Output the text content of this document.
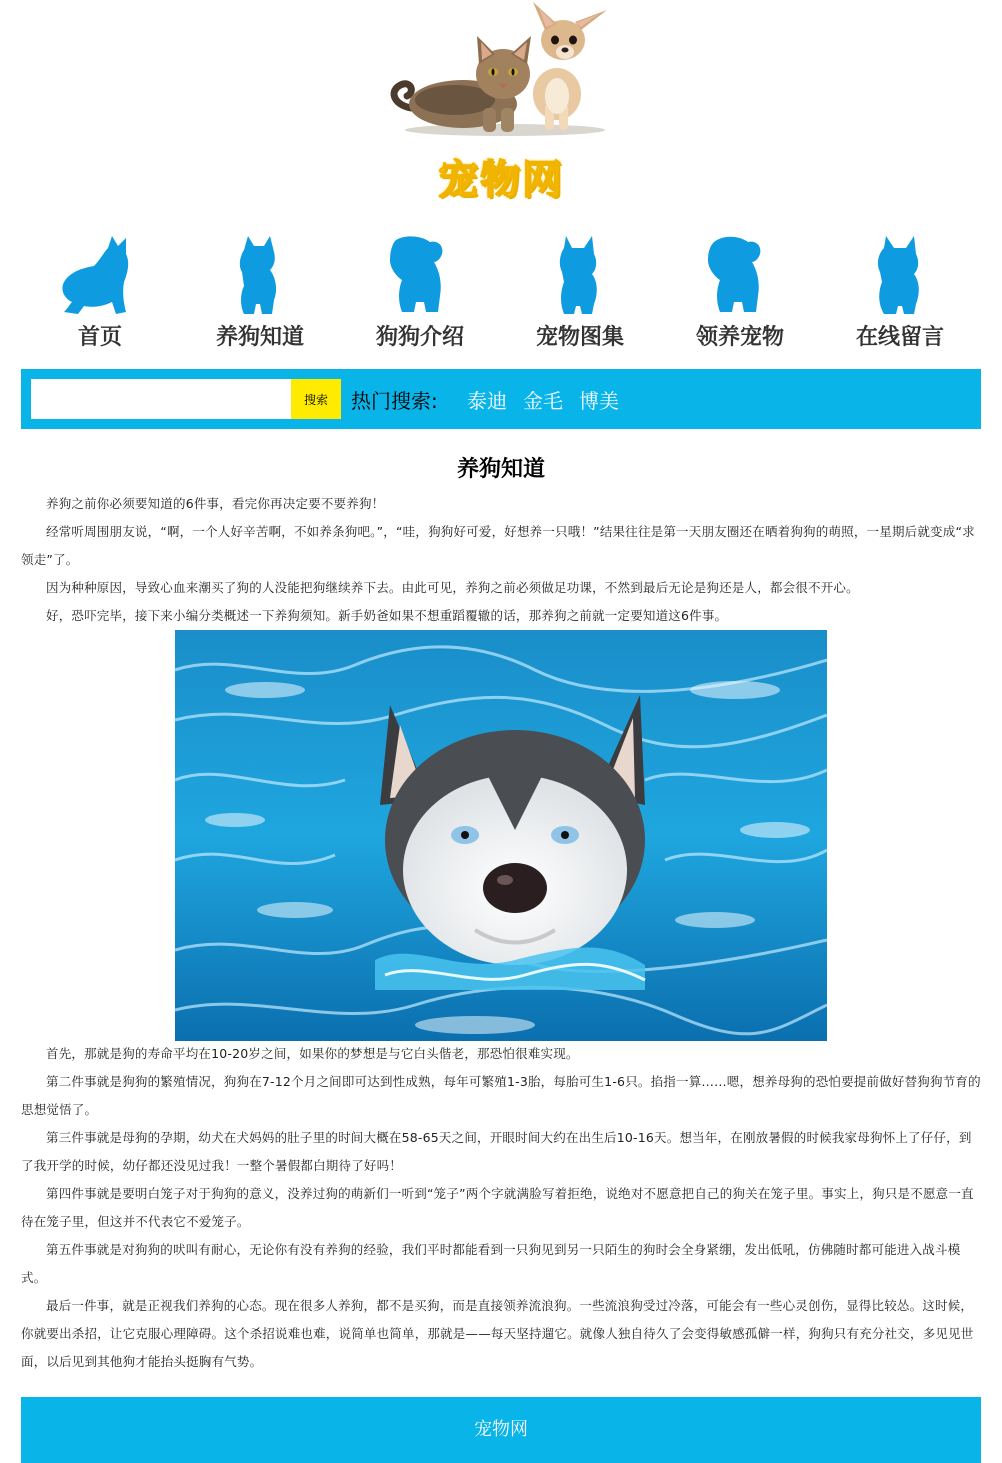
宠物网
首页	养狗知道	狗狗介绍	宠物图集	领养宠物	在线留言
搜索	热门搜索: 泰迪 金毛 博美
养狗知道

养狗之前你必须要知道的6件事，看完你再决定要不要养狗！

经常听周围朋友说，“啊，一个人好辛苦啊，不如养条狗吧。”，“哇，狗狗好可爱，好想养一只哦！”结果往往是第一天朋友圈还在晒着狗狗的萌照，一星期后就变成“求领走”了。

因为种种原因，导致心血来潮买了狗的人没能把狗继续养下去。由此可见，养狗之前必须做足功课，不然到最后无论是狗还是人，都会很不开心。

好，恐吓完毕，接下来小编分类概述一下养狗须知。新手奶爸如果不想重蹈覆辙的话，那养狗之前就一定要知道这6件事。

首先，那就是狗的寿命平均在10-20岁之间，如果你的梦想是与它白头偕老，那恐怕很难实现。

第二件事就是狗狗的繁殖情况，狗狗在7-12个月之间即可达到性成熟，每年可繁殖1-3胎，每胎可生1-6只。掐指一算……嗯，想养母狗的恐怕要提前做好替狗狗节育的思想觉悟了。

第三件事就是母狗的孕期，幼犬在犬妈妈的肚子里的时间大概在58-65天之间，开眼时间大约在出生后10-16天。想当年，在刚放暑假的时候我家母狗怀上了仔仔，到了我开学的时候，幼仔都还没见过我！一整个暑假都白期待了好吗！

第四件事就是要明白笼子对于狗狗的意义，没养过狗的萌新们一听到“笼子”两个字就满脸写着拒绝，说绝对不愿意把自己的狗关在笼子里。事实上，狗只是不愿意一直待在笼子里，但这并不代表它不爱笼子。

第五件事就是对狗狗的吠叫有耐心，无论你有没有养狗的经验，我们平时都能看到一只狗见到另一只陌生的狗时会全身紧绷，发出低吼，仿佛随时都可能进入战斗模式。

最后一件事，就是正视我们养狗的心态。现在很多人养狗，都不是买狗，而是直接领养流浪狗。一些流浪狗受过冷落，可能会有一些心灵创伤，显得比较怂。这时候，你就要出杀招，让它克服心理障碍。这个杀招说难也难，说简单也简单，那就是——每天坚持遛它。就像人独自待久了会变得敏感孤僻一样，狗狗只有充分社交，多见见世面，以后见到其他狗才能抬头挺胸有气势。

宠物网
